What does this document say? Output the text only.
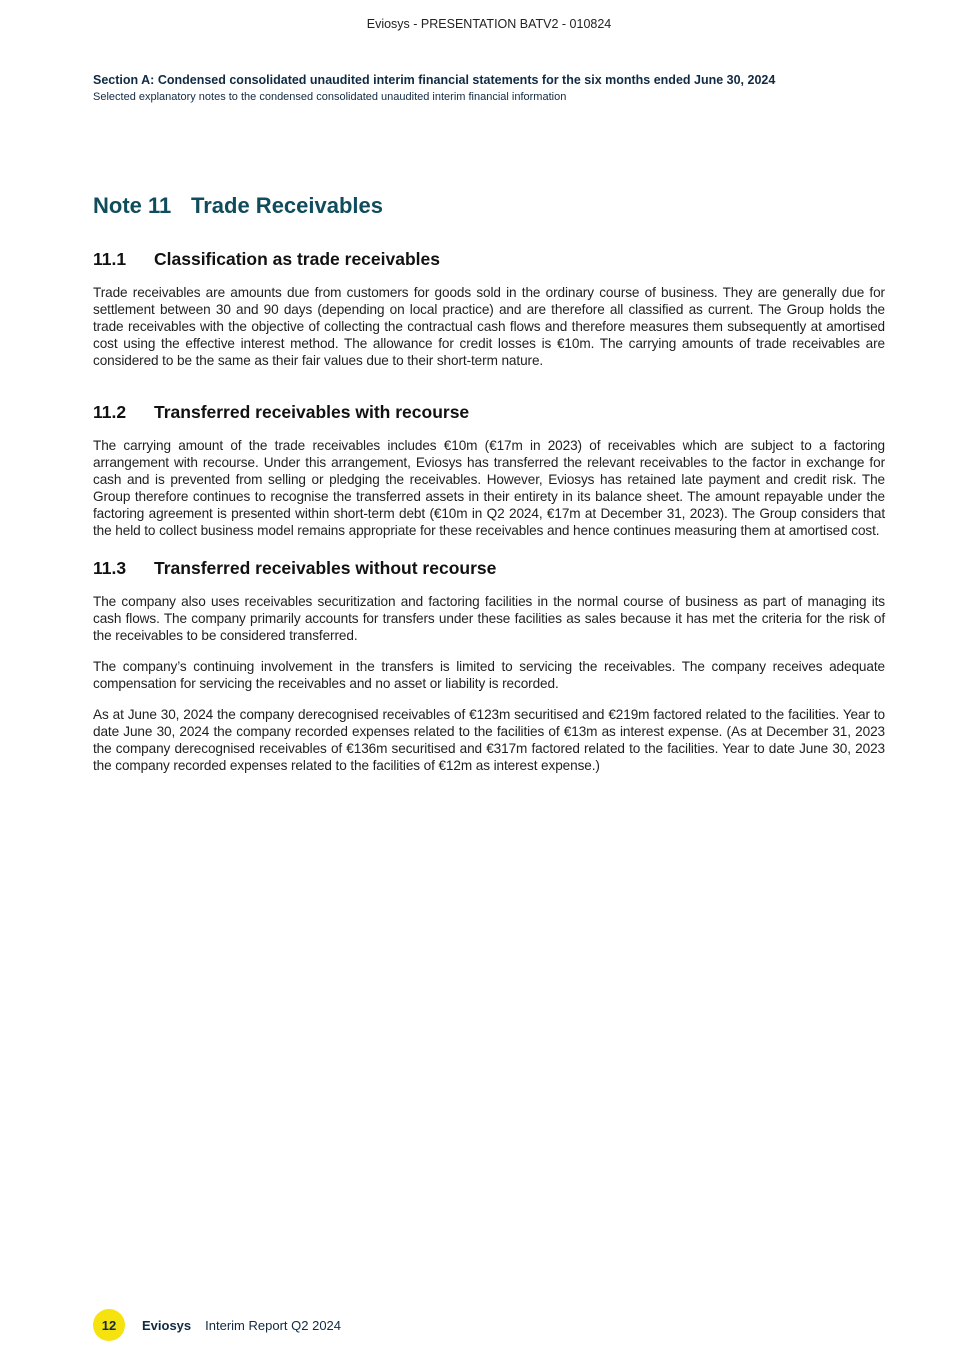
Eviosys - PRESENTATION BATV2 - 010824
Section A: Condensed consolidated unaudited interim financial statements for the six months ended June 30, 2024
Selected explanatory notes to the condensed consolidated unaudited interim financial information
Note 11 Trade Receivables
11.1 Classification as trade receivables

Trade receivables are amounts due from customers for goods sold in the ordinary course of business. They are generally due for settlement between 30 and 90 days (depending on local practice) and are therefore all classified as current. The Group holds the trade receivables with the objective of collecting the contractual cash flows and therefore measures them subsequently at amortised cost using the effective interest method. The allowance for credit losses is €10m. The carrying amounts of trade receivables are considered to be the same as their fair values due to their short-term nature.

11.2 Transferred receivables with recourse

The carrying amount of the trade receivables includes €10m (€17m in 2023) of receivables which are subject to a factoring arrangement with recourse. Under this arrangement, Eviosys has transferred the relevant receivables to the factor in exchange for cash and is prevented from selling or pledging the receivables. However, Eviosys has retained late payment and credit risk. The Group therefore continues to recognise the transferred assets in their entirety in its balance sheet. The amount repayable under the factoring agreement is presented within short-term debt (€10m in Q2 2024, €17m at December 31, 2023). The Group considers that the held to collect business model remains appropriate for these receivables and hence continues measuring them at amortised cost.

11.3 Transferred receivables without recourse

The company also uses receivables securitization and factoring facilities in the normal course of business as part of managing its cash flows. The company primarily accounts for transfers under these facilities as sales because it has met the criteria for the risk of the receivables to be considered transferred.

The company’s continuing involvement in the transfers is limited to servicing the receivables. The company receives adequate compensation for servicing the receivables and no asset or liability is recorded.

As at June 30, 2024 the company derecognised receivables of €123m securitised and €219m factored related to the facilities. Year to date June 30, 2024 the company recorded expenses related to the facilities of €13m as interest expense. (As at December 31, 2023 the company derecognised receivables of €136m securitised and €317m factored related to the facilities. Year to date June 30, 2023 the company recorded expenses related to the facilities of €12m as interest expense.)

12	Eviosys Interim Report Q2 2024
